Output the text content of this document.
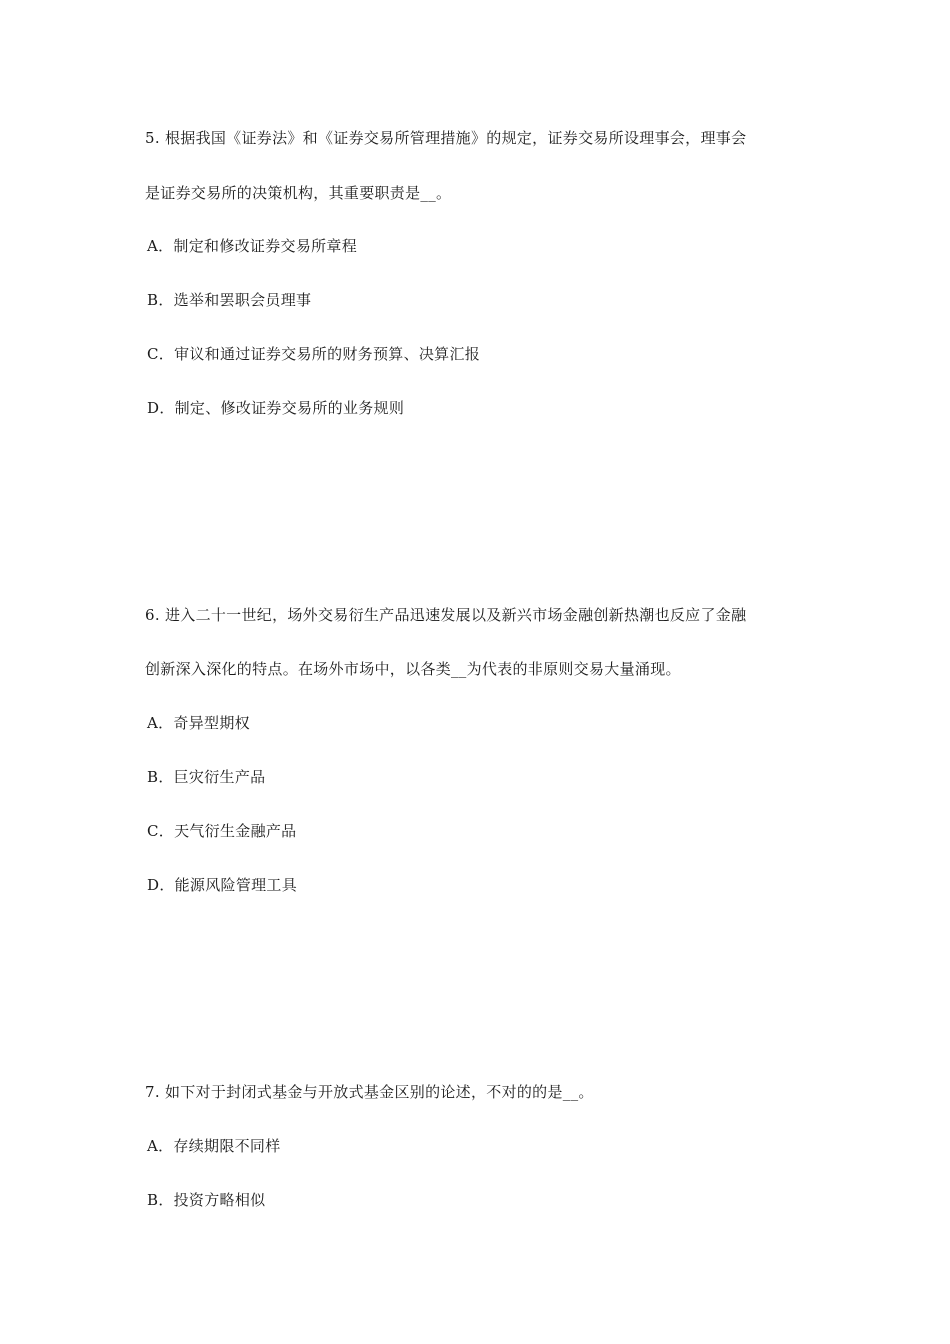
5. 根据我国《证券法》和《证券交易所管理措施》的规定，证券交易所设理事会，理事会
是证券交易所的决策机构，其重要职责是__。
A．制定和修改证券交易所章程
B．选举和罢职会员理事
C．审议和通过证券交易所的财务预算、决算汇报
D．制定、修改证券交易所的业务规则
6. 进入二十一世纪，场外交易衍生产品迅速发展以及新兴市场金融创新热潮也反应了金融
创新深入深化的特点。在场外市场中，以各类__为代表的非原则交易大量涌现。
A．奇异型期权
B．巨灾衍生产品
C．天气衍生金融产品
D．能源风险管理工具
7. 如下对于封闭式基金与开放式基金区别的论述，不对的的是__。
A．存续期限不同样
B．投资方略相似
